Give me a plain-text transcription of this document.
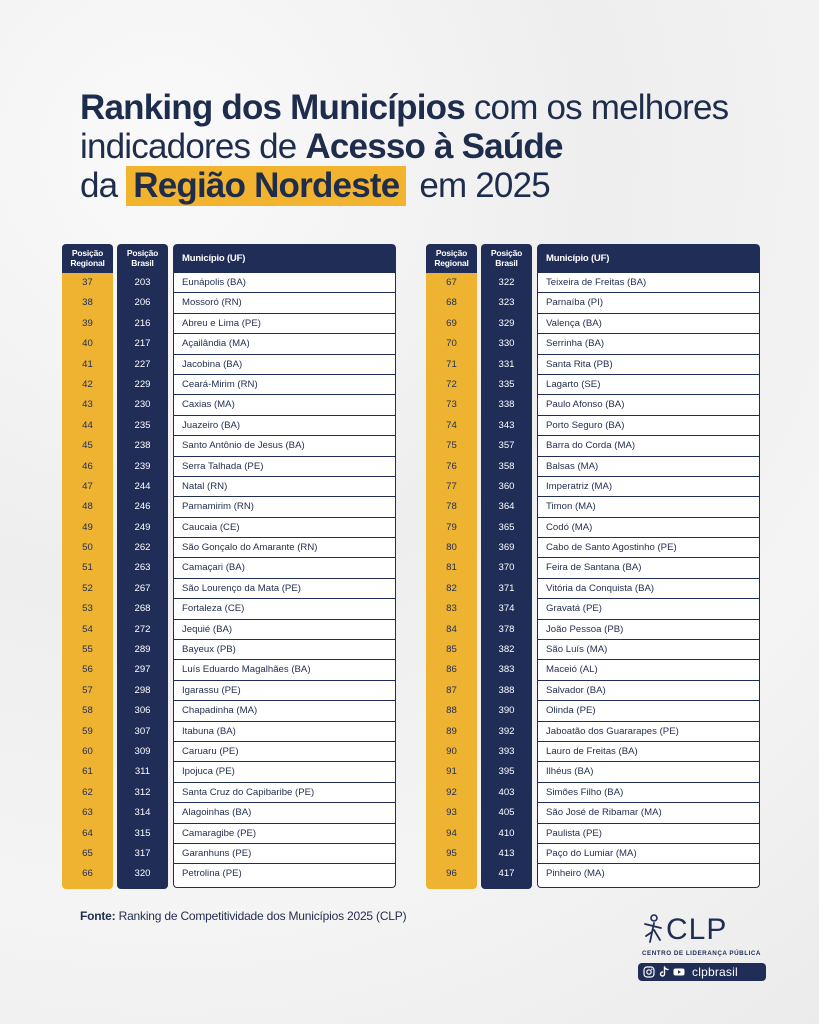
Ranking dos Municípios com os melhores
indicadores de Acesso à Saúde
da Região Nordeste em 2025
Posição Regional
37
38
39
40
41
42
43
44
45
46
47
48
49
50
51
52
53
54
55
56
57
58
59
60
61
62
63
64
65
66
Posição Brasil
203
206
216
217
227
229
230
235
238
239
244
246
249
262
263
267
268
272
289
297
298
306
307
309
311
312
314
315
317
320
Município (UF)
Eunápolis (BA)
Mossoró (RN)
Abreu e Lima (PE)
Açailândia (MA)
Jacobina (BA)
Ceará-Mirim (RN)
Caxias (MA)
Juazeiro (BA)
Santo Antônio de Jesus (BA)
Serra Talhada (PE)
Natal (RN)
Parnamirim (RN)
Caucaia (CE)
São Gonçalo do Amarante (RN)
Camaçari (BA)
São Lourenço da Mata (PE)
Fortaleza (CE)
Jequié (BA)
Bayeux (PB)
Luís Eduardo Magalhães (BA)
Igarassu (PE)
Chapadinha (MA)
Itabuna (BA)
Caruaru (PE)
Ipojuca (PE)
Santa Cruz do Capibaribe (PE)
Alagoinhas (BA)
Camaragibe (PE)
Garanhuns (PE)
Petrolina (PE)
Posição Regional
67
68
69
70
71
72
73
74
75
76
77
78
79
80
81
82
83
84
85
86
87
88
89
90
91
92
93
94
95
96
Posição Brasil
322
323
329
330
331
335
338
343
357
358
360
364
365
369
370
371
374
378
382
383
388
390
392
393
395
403
405
410
413
417
Município (UF)
Teixeira de Freitas (BA)
Parnaíba (PI)
Valença (BA)
Serrinha (BA)
Santa Rita (PB)
Lagarto (SE)
Paulo Afonso (BA)
Porto Seguro (BA)
Barra do Corda (MA)
Balsas (MA)
Imperatriz (MA)
Timon (MA)
Codó (MA)
Cabo de Santo Agostinho (PE)
Feira de Santana (BA)
Vitória da Conquista (BA)
Gravatá (PE)
João Pessoa (PB)
São Luís (MA)
Maceió (AL)
Salvador (BA)
Olinda (PE)
Jaboatão dos Guararapes (PE)
Lauro de Freitas (BA)
Ilhéus (BA)
Simões Filho (BA)
São José de Ribamar (MA)
Paulista (PE)
Paço do Lumiar (MA)
Pinheiro (MA)
Fonte: Ranking de Competitividade dos Municípios 2025 (CLP)	CLP
CENTRO DE LIDERANÇA PÚBLICA
clpbrasil
